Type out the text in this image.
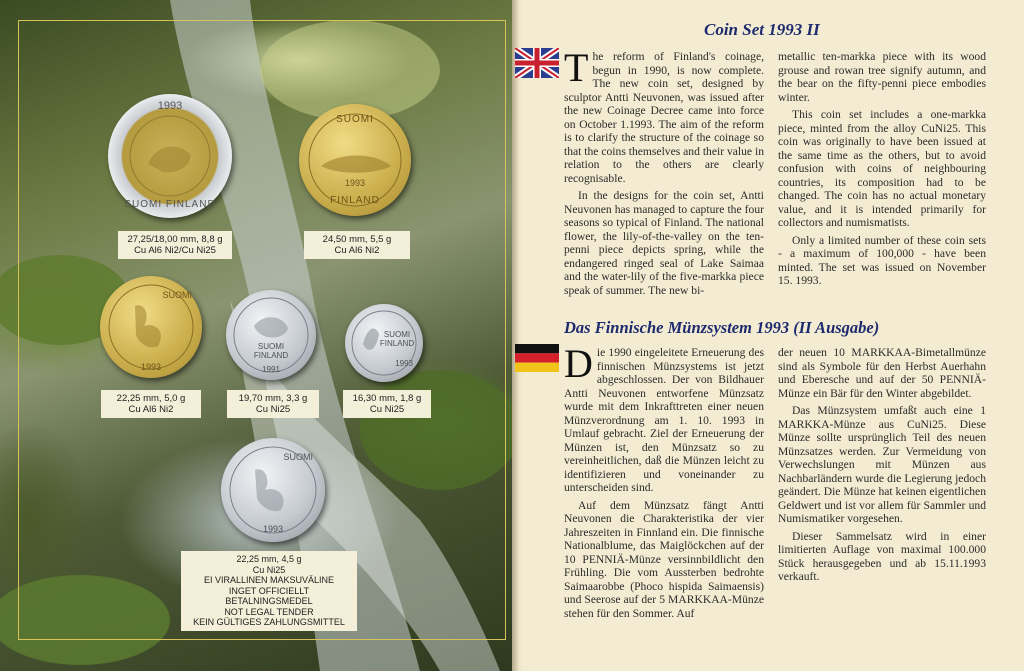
1993
SUOMI FINLAND
SUOMI
1993
FINLAND
27,25/18,00 mm, 8,8 g
Cu Al6 Ni2/Cu Ni25
24,50 mm, 5,5 g
Cu Al6 Ni2
SUOMI
1993
SUOMI FINLAND
1991
SUOMI FINLAND
1993
22,25 mm, 5,0 g
Cu Al6 Ni2
19,70 mm, 3,3 g
Cu Ni25
16,30 mm, 1,8 g
Cu Ni25
SUOMI
1993
22,25 mm, 4,5 g
Cu Ni25
EI VIRALLINEN MAKSUVÄLINE
INGET OFFICIELLT BETALNINGSMEDEL
NOT LEGAL TENDER
KEIN GÜLTIGES ZAHLUNGSMITTEL
Coin Set 1993 II

The reform of Finland's coinage, begun in 1990, is now complete. The new coin set, designed by sculptor Antti Neuvonen, was issued after the new Coinage Decree came into force on October 1.1993. The aim of the reform is to clarify the structure of the coinage so that the coins themselves and their value in relation to the others are clearly recognisable.

In the designs for the coin set, Antti Neuvonen has managed to capture the four seasons so typical of Finland. The national flower, the lily-of-the-valley on the ten-penni piece depicts spring, while the endangered ringed seal of Lake Saimaa and the water-lily of the five-markka piece speak of summer. The new bi-

metallic ten-markka piece with its wood grouse and rowan tree signify autumn, and the bear on the fifty-penni piece embodies winter.

This coin set includes a one-markka piece, minted from the alloy CuNi25. This coin was originally to have been issued at the same time as the others, but to avoid confusion with coins of neighbouring countries, its composition had to be changed. The coin has no actual monetary value, and it is intended primarily for collectors and numismatists.

Only a limited number of these coin sets - a maximum of 100,000 - have been minted. The set was issued on November 15. 1993.

Das Finnische Münzsystem 1993 (II Ausgabe)

Die 1990 eingeleitete Erneuerung des finnischen Münzsystems ist jetzt abgeschlossen. Der von Bildhauer Antti Neuvonen entworfene Münzsatz wurde mit dem Inkrafttreten einer neuen Münzverordnung am 1. 10. 1993 in Umlauf gebracht. Ziel der Erneuerung der Münzen ist, den Münzsatz so zu vereinheitlichen, daß die Münzen leicht zu identifizieren und voneinander zu unterscheiden sind.

Auf dem Münzsatz fängt Antti Neuvonen die Charakteristika der vier Jahreszeiten in Finnland ein. Die finnische Nationalblume, das Maiglöckchen auf der 10 PENNIÄ-Münze versinnbildlicht den Frühling. Die vom Aussterben bedrohte Saimaarobbe (Phoco hispida Saimaensis) und Seerose auf der 5 MARKKAA-Münze stehen für den Sommer. Auf

der neuen 10 MARKKAA-Bimetallmünze sind als Symbole für den Herbst Auerhahn und Eberesche und auf der 50 PENNIÄ-Münze ein Bär für den Winter abgebildet.

Das Münzsystem umfaßt auch eine 1 MARKKA-Münze aus CuNi25. Diese Münze sollte ursprünglich Teil des neuen Münzsatzes werden. Zur Vermeidung von Verwechslungen mit Münzen aus Nachbarländern wurde die Legierung jedoch geändert. Die Münze hat keinen eigentlichen Geldwert und ist vor allem für Sammler und Numismatiker vorgesehen.

Dieser Sammelsatz wird in einer limitierten Auflage von maximal 100.000 Stück herausgegeben und ab 15.11.1993 verkauft.
